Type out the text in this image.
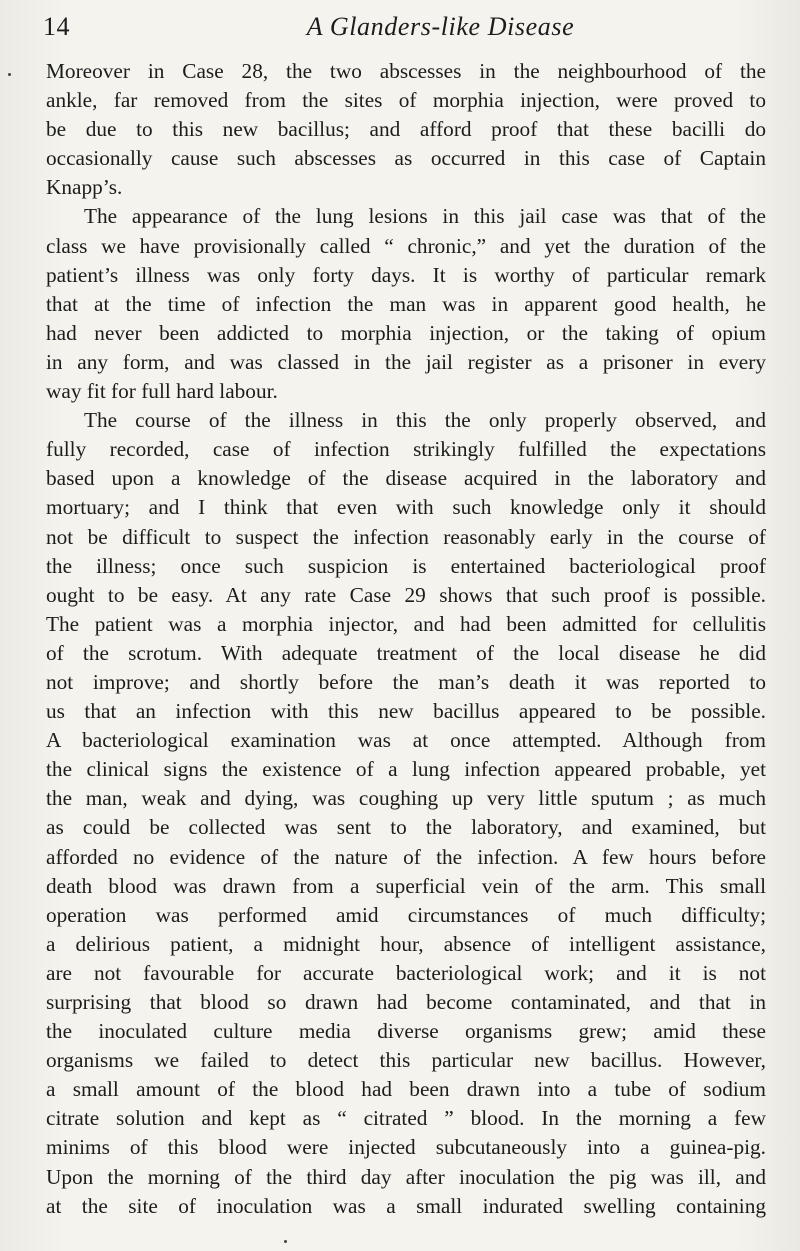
14	A Glanders-like Disease
Moreover in Case 28, the two abscesses in the neighbourhood of the
ankle, far removed from the sites of morphia injection, were proved to
be due to this new bacillus; and afford proof that these bacilli do
occasionally cause such abscesses as occurred in this case of Captain
Knapp’s.
The appearance of the lung lesions in this jail case was that of the
class we have provisionally called “ chronic,” and yet the duration of the
patient’s illness was only forty days. It is worthy of particular remark
that at the time of infection the man was in apparent good health, he
had never been addicted to morphia injection, or the taking of opium
in any form, and was classed in the jail register as a prisoner in every
way fit for full hard labour.
The course of the illness in this the only properly observed, and
fully recorded, case of infection strikingly fulfilled the expectations
based upon a knowledge of the disease acquired in the laboratory and
mortuary; and I think that even with such knowledge only it should
not be difficult to suspect the infection reasonably early in the course of
the illness; once such suspicion is entertained bacteriological proof
ought to be easy. At any rate Case 29 shows that such proof is possible.
The patient was a morphia injector, and had been admitted for cellulitis
of the scrotum. With adequate treatment of the local disease he did
not improve; and shortly before the man’s death it was reported to
us that an infection with this new bacillus appeared to be possible.
A bacteriological examination was at once attempted. Although from
the clinical signs the existence of a lung infection appeared probable, yet
the man, weak and dying, was coughing up very little sputum ; as much
as could be collected was sent to the laboratory, and examined, but
afforded no evidence of the nature of the infection. A few hours before
death blood was drawn from a superficial vein of the arm. This small
operation was performed amid circumstances of much difficulty;
a delirious patient, a midnight hour, absence of intelligent assistance,
are not favourable for accurate bacteriological work; and it is not
surprising that blood so drawn had become contaminated, and that in
the inoculated culture media diverse organisms grew; amid these
organisms we failed to detect this particular new bacillus. However,
a small amount of the blood had been drawn into a tube of sodium
citrate solution and kept as “ citrated ” blood. In the morning a few
minims of this blood were injected subcutaneously into a guinea-pig.
Upon the morning of the third day after inoculation the pig was ill, and
at the site of inoculation was a small indurated swelling containing
